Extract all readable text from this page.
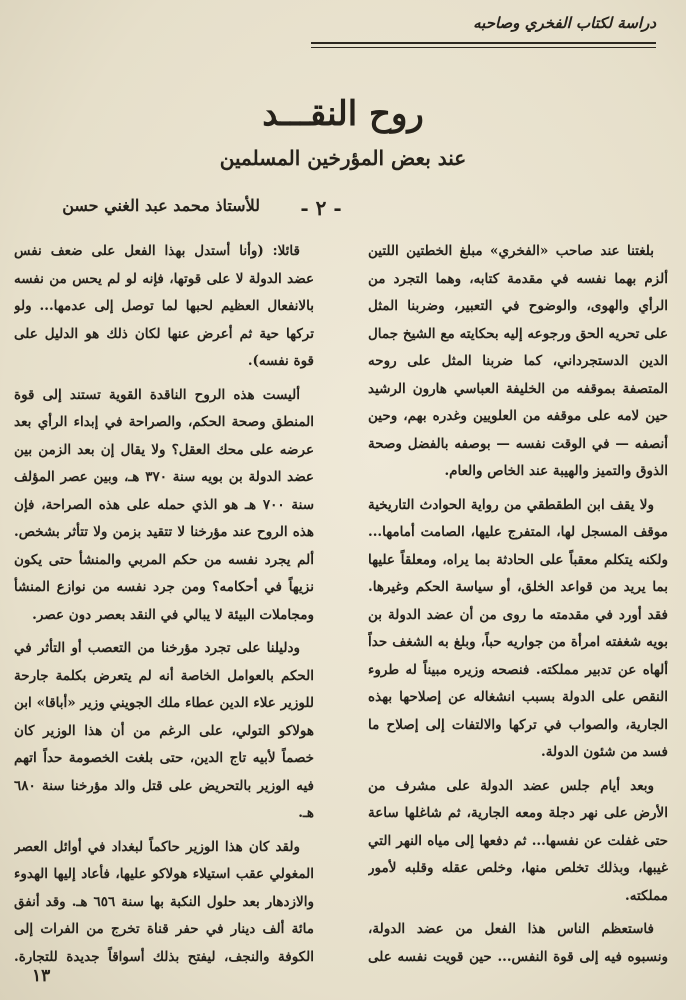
دراسة لكتاب الفخري وصاحبه
روح النقـــد
عند بعض المؤرخين المسلمين
- ٢ -
للأستاذ محمد عبد الغني حسن

بلغتنا عند صاحب «الفخري» مبلغ الخطتين اللتين ألزم بهما نفسه في مقدمة كتابه، وهما التجرد من الرأي والهوى، والوضوح في التعبير، وضربنا المثل على تحريه الحق ورجوعه إليه بحكايته مع الشيخ جمال الدين الدستجرداني، كما ضربنا المثل على روحه المتصفة بموقفه من الخليفة العباسي هارون الرشيد حين لامه على موقفه من العلويين وغدره بهم، وحين أنصفه — في الوقت نفسه — بوصفه بالفضل وصحة الذوق والتميز والهيبة عند الخاص والعام.

ولا يقف ابن الطقطقي من رواية الحوادث التاريخية موقف المسجل لها، المتفرج عليها، الصامت أمامها... ولكنه يتكلم معقباً على الحادثة بما يراه، ومعلقاً عليها بما يريد من قواعد الخلق، أو سياسة الحكم وغيرها. فقد أورد في مقدمته ما روى من أن عضد الدولة بن بويه شغفته امرأة من جواريه حباً، وبلغ به الشغف حداً ألهاه عن تدبير مملكته. فنصحه وزيره مبيناً له طروء النقص على الدولة بسبب انشغاله عن إصلاحها بهذه الجارية، والصواب في تركها والالتفات إلى إصلاح ما فسد من شئون الدولة.

وبعد أيام جلس عضد الدولة على مشرف من الأرض على نهر دجلة ومعه الجارية، ثم شاغلها ساعة حتى غفلت عن نفسها... ثم دفعها إلى مياه النهر التي غيبها، وبذلك تخلص منها، وخلص عقله وقلبه لأمور مملكته.

فاستعظم الناس هذا الفعل من عضد الدولة، ونسبوه فيه إلى قوة النفس... حين قويت نفسه على

قائلا: (وأنا أستدل بهذا الفعل على ضعف نفس عضد الدولة لا على قوتها، فإنه لو لم يحس من نفسه بالانفعال العظيم لحبها لما توصل إلى عدمها... ولو تركها حية ثم أعرض عنها لكان ذلك هو الدليل على قوة نفسه).

أليست هذه الروح الناقدة القوية تستند إلى قوة المنطق وصحة الحكم، والصراحة في إبداء الرأي بعد عرضه على محك العقل؟ ولا يقال إن بعد الزمن بين عضد الدولة بن بويه سنة ٣٧٠ هـ، وبين عصر المؤلف سنة ٧٠٠ هـ هو الذي حمله على هذه الصراحة، فإن هذه الروح عند مؤرخنا لا تتقيد بزمن ولا تتأثر بشخص. ألم يجرد نفسه من حكم المربي والمنشأ حتى يكون نزيهاً في أحكامه؟ ومن جرد نفسه من نوازع المنشأ ومجاملات البيئة لا يبالي في النقد بعصر دون عصر.

ودليلنا على تجرد مؤرخنا من التعصب أو التأثر في الحكم بالعوامل الخاصة أنه لم يتعرض بكلمة جارحة للوزير علاء الدين عطاء ملك الجويني وزير «أباقا» ابن هولاكو التولي، على الرغم من أن هذا الوزير كان خصماً لأبيه تاج الدين، حتى بلغت الخصومة حداً اتهم فيه الوزير بالتحريض على قتل والد مؤرخنا سنة ٦٨٠ هـ.

ولقد كان هذا الوزير حاكماً لبغداد في أوائل العصر المغولي عقب استيلاء هولاكو عليها، فأعاد إليها الهدوء والازدهار بعد حلول النكبة بها سنة ٦٥٦ هـ. وقد أنفق مائة ألف دينار في حفر قناة تخرج من الفرات إلى الكوفة والنجف، ليفتح بذلك أسواقاً جديدة للتجارة.

١٣
